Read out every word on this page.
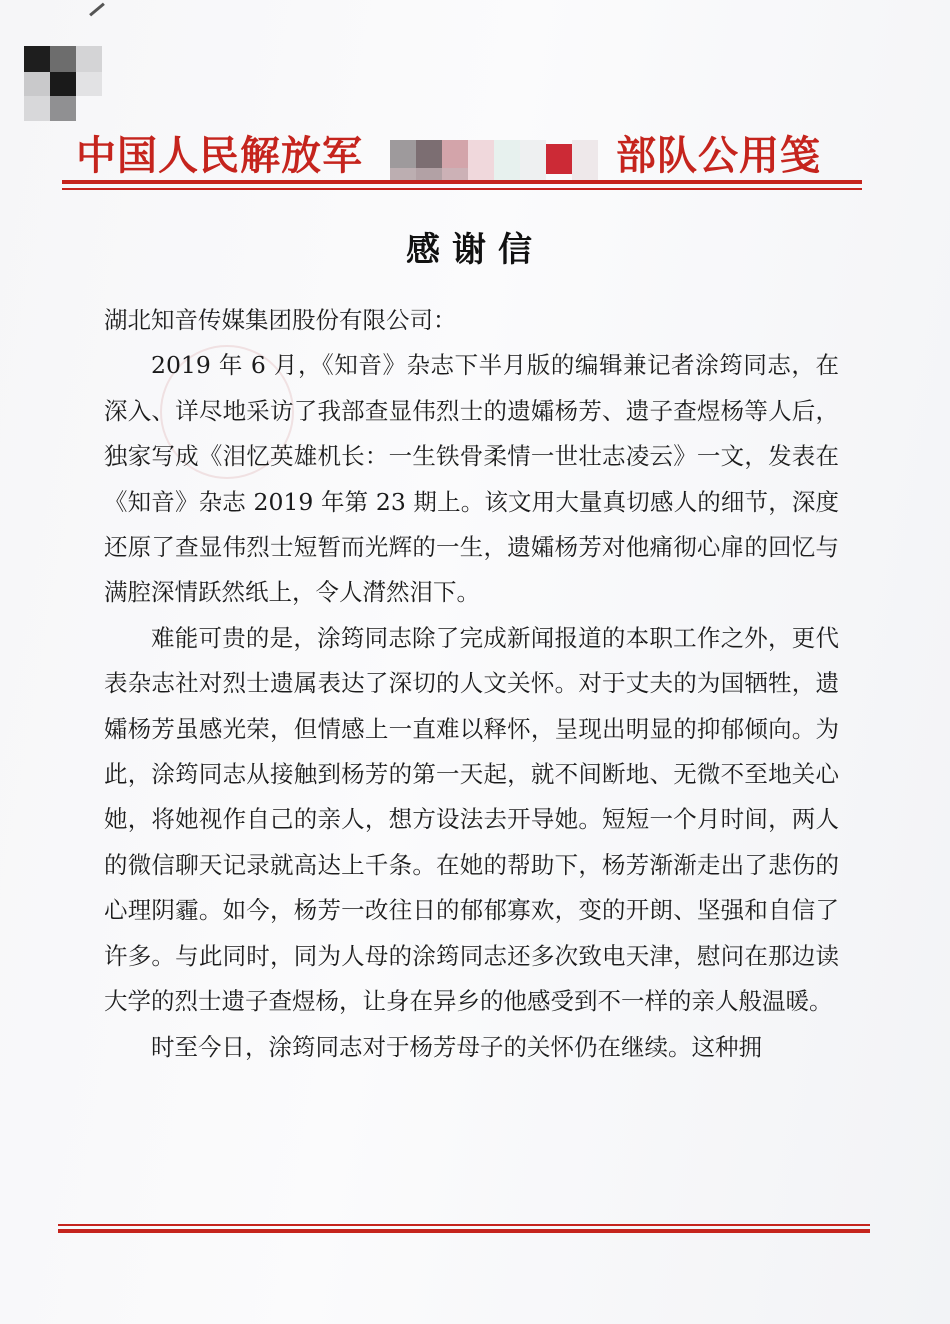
中国人民解放军	部队公用笺
感谢信

湖北知音传媒集团股份有限公司：

2019 年 6 月，《知音》杂志下半月版的编辑兼记者涂筠同志，在深入、详尽地采访了我部查显伟烈士的遗孀杨芳、遗子查煜杨等人后，独家写成《泪忆英雄机长：一生铁骨柔情一世壮志凌云》一文，发表在《知音》杂志 2019 年第 23 期上。该文用大量真切感人的细节，深度还原了查显伟烈士短暂而光辉的一生，遗孀杨芳对他痛彻心扉的回忆与满腔深情跃然纸上，令人潸然泪下。

难能可贵的是，涂筠同志除了完成新闻报道的本职工作之外，更代表杂志社对烈士遗属表达了深切的人文关怀。对于丈夫的为国牺牲，遗孀杨芳虽感光荣，但情感上一直难以释怀，呈现出明显的抑郁倾向。为此，涂筠同志从接触到杨芳的第一天起，就不间断地、无微不至地关心她，将她视作自己的亲人，想方设法去开导她。短短一个月时间，两人的微信聊天记录就高达上千条。在她的帮助下，杨芳渐渐走出了悲伤的心理阴霾。如今，杨芳一改往日的郁郁寡欢，变的开朗、坚强和自信了许多。与此同时，同为人母的涂筠同志还多次致电天津，慰问在那边读大学的烈士遗子查煜杨，让身在异乡的他感受到不一样的亲人般温暖。

时至今日，涂筠同志对于杨芳母子的关怀仍在继续。这种拥
